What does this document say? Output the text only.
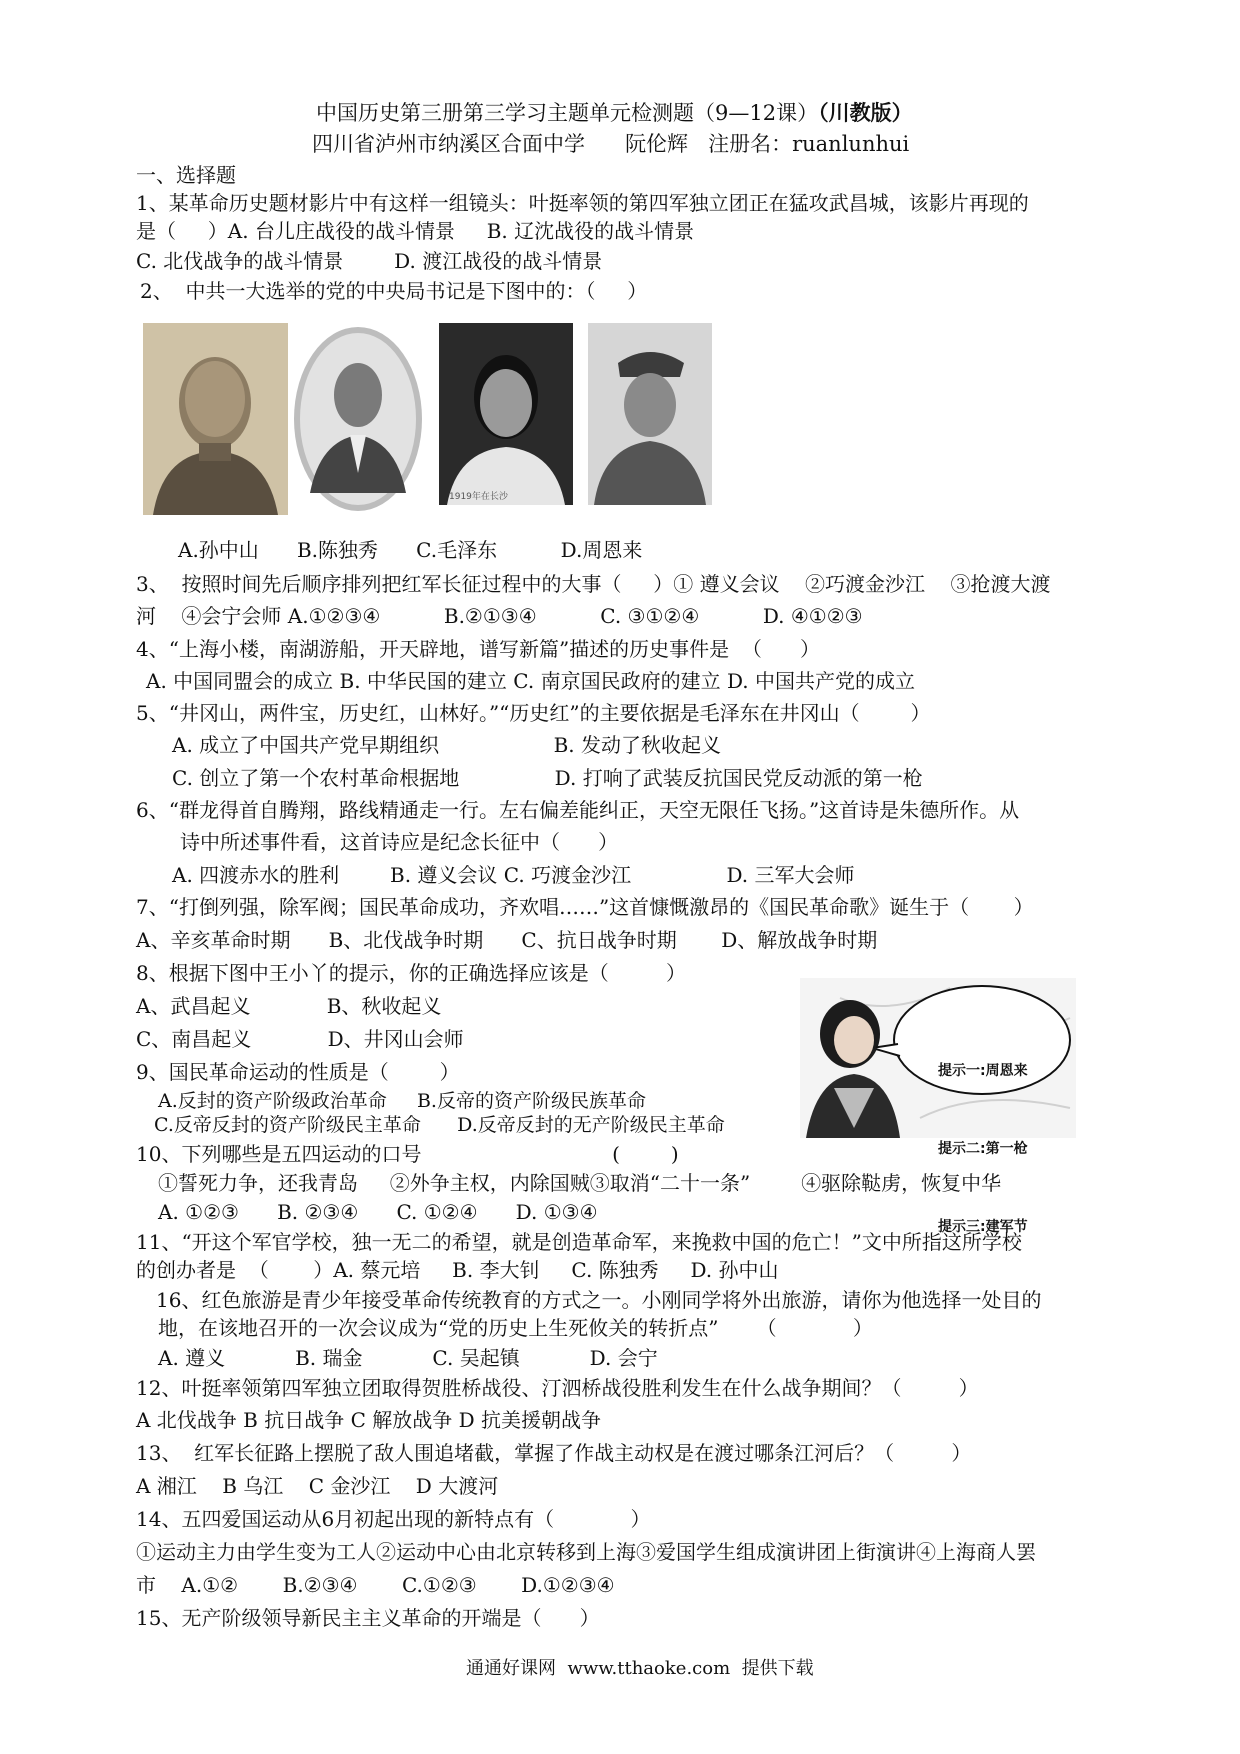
中国历史第三册第三学习主题单元检测题（9—12课）（川教版）
四川省泸州市纳溪区合面中学 阮伦辉 注册名：ruanlunhui
一、选择题
1、某革命历史题材影片中有这样一组镜头：叶挺率领的第四军独立团正在猛攻武昌城，该影片再现的
是（     ）A. 台儿庄战役的战斗情景     B. 辽沈战役的战斗情景
C. 北伐战争的战斗情景        D. 渡江战役的战斗情景
2、  中共一大选举的党的中央局书记是下图中的：（     ）
1919年在长沙
A.孙中山      B.陈独秀      C.毛泽东          D.周恩来
3、  按照时间先后顺序排列把红军长征过程中的大事（     ）① 遵义会议    ②巧渡金沙江    ③抢渡大渡
河    ④会宁会师 A.①②③④          B.②①③④          C. ③①②④          D. ④①②③
4、“上海小楼，南湖游船，开天辟地，谱写新篇”描述的历史事件是  （      ）
A. 中国同盟会的成立 B. 中华民国的建立 C. 南京国民政府的建立 D. 中国共产党的成立
5、“井冈山，两件宝，历史红，山林好。”“历史红”的主要依据是毛泽东在井冈山（        ）
A. 成立了中国共产党早期组织                  B. 发动了秋收起义
C. 创立了第一个农村革命根据地               D. 打响了武装反抗国民党反动派的第一枪
6、“群龙得首自腾翔，路线精通走一行。左右偏差能纠正，天空无限任飞扬。”这首诗是朱德所作。从
诗中所述事件看，这首诗应是纪念长征中（      ）
A. 四渡赤水的胜利        B. 遵义会议 C. 巧渡金沙江               D. 三军大会师
7、“打倒列强，除军阀；国民革命成功，齐欢唱……”这首慷慨激昂的《国民革命歌》诞生于（       ）
A、辛亥革命时期      B、北伐战争时期      C、抗日战争时期       D、解放战争时期
8、根据下图中王小丫的提示，你的正确选择应该是（         ）
A、武昌起义            B、秋收起义
C、南昌起义            D、井冈山会师

提示一:周恩来

提示二:第一枪

提示三:建军节

9、国民革命运动的性质是（        ）
A.反封的资产阶级政治革命     B.反帝的资产阶级民族革命
C.反帝反封的资产阶级民主革命      D.反帝反封的无产阶级民主革命
10、下列哪些是五四运动的口号                              (        )
①誓死力争，还我青岛     ②外争主权，内除国贼③取消“二十一条”        ④驱除鞑虏，恢复中华
A. ①②③      B. ②③④      C. ①②④      D. ①③④
11、“开这个军官学校，独一无二的希望，就是创造革命军，来挽救中国的危亡！”文中所指这所学校
的创办者是  （       ）A. 蔡元培     B. 李大钊     C. 陈独秀     D. 孙中山
16、红色旅游是青少年接受革命传统教育的方式之一。小刚同学将外出旅游，请你为他选择一处目的
地，在该地召开的一次会议成为“党的历史上生死攸关的转折点”      （            ）
A. 遵义           B. 瑞金           C. 吴起镇           D. 会宁
12、叶挺率领第四军独立团取得贺胜桥战役、汀泗桥战役胜利发生在什么战争期间？（         ）
A 北伐战争 B 抗日战争 C 解放战争 D 抗美援朝战争
13、  红军长征路上摆脱了敌人围追堵截，掌握了作战主动权是在渡过哪条江河后？（         ）
A 湘江    B 乌江    C 金沙江    D 大渡河
14、五四爱国运动从6月初起出现的新特点有（            ）
①运动主力由学生变为工人②运动中心由北京转移到上海③爱国学生组成演讲团上街演讲④上海商人罢
市    A.①②       B.②③④       C.①②③       D.①②③④
15、无产阶级领导新民主主义革命的开端是（      ）
通通好课网  www.tthaoke.com  提供下载
